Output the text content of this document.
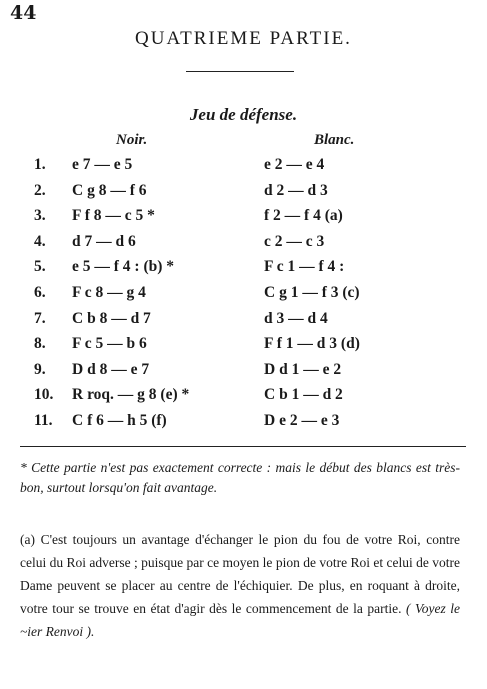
44
QUATRIEME PARTIE.
Jeu de défense.
Noir.	Blanc.
1. e 7 — e 5	e 2 — e 4
2. C g 8 — f 6	d 2 — d 3
3. F f 8 — c 5 *	f 2 — f 4 (a)
4. d 7 — d 6	c 2 — c 3
5. e 5 — f 4 : (b) *	F c 1 — f 4 :
6. F c 8 — g 4	C g 1 — f 3 (c)
7. C b 8 — d 7	d 3 — d 4
8. F c 5 — b 6	F f 1 — d 3 (d)
9. D d 8 — e 7	D d 1 — e 2
10. R roq. — g 8 (e) *	C b 1 — d 2
11. C f 6 — h 5 (f)	D e 2 — e 3
* Cette partie n'est pas exactement correcte : mais le début des blancs est très-bon, surtout lorsqu'on fait avantage.
(a) C'est toujours un avantage d'échanger le pion du fou de votre Roi, contre celui du Roi adverse ; puisque par ce moyen le pion de votre Roi et celui de votre Dame peuvent se placer au centre de l'échiquier. De plus, en roquant à droite, votre tour se trouve en état d'agir dès le commencement de la partie. ( Voyez le ~ier Renvoi ).
